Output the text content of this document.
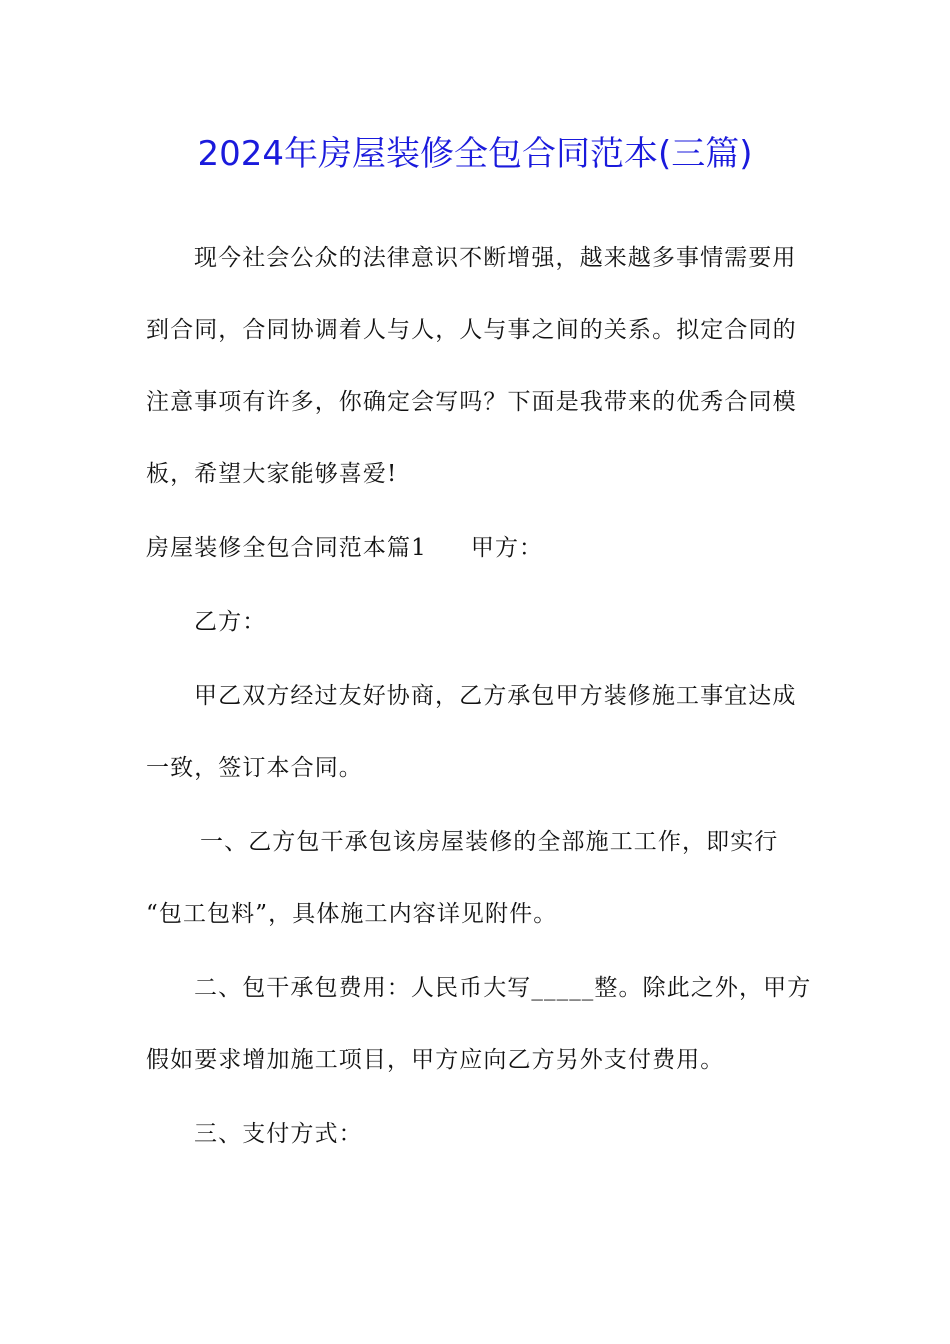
2024年房屋装修全包合同范本(三篇)

现今社会公众的法律意识不断增强，越来越多事情需要用

到合同，合同协调着人与人，人与事之间的关系。拟定合同的

注意事项有许多，你确定会写吗？下面是我带来的优秀合同模

板，希望大家能够喜爱!

房屋装修全包合同范本篇1 甲方：

乙方：

甲乙双方经过友好协商，乙方承包甲方装修施工事宜达成

一致，签订本合同。

一、乙方包干承包该房屋装修的全部施工工作，即实行

“包工包料”，具体施工内容详见附件。

二、包干承包费用：人民币大写_____整。除此之外，甲方

假如要求增加施工项目，甲方应向乙方另外支付费用。

三、支付方式：
